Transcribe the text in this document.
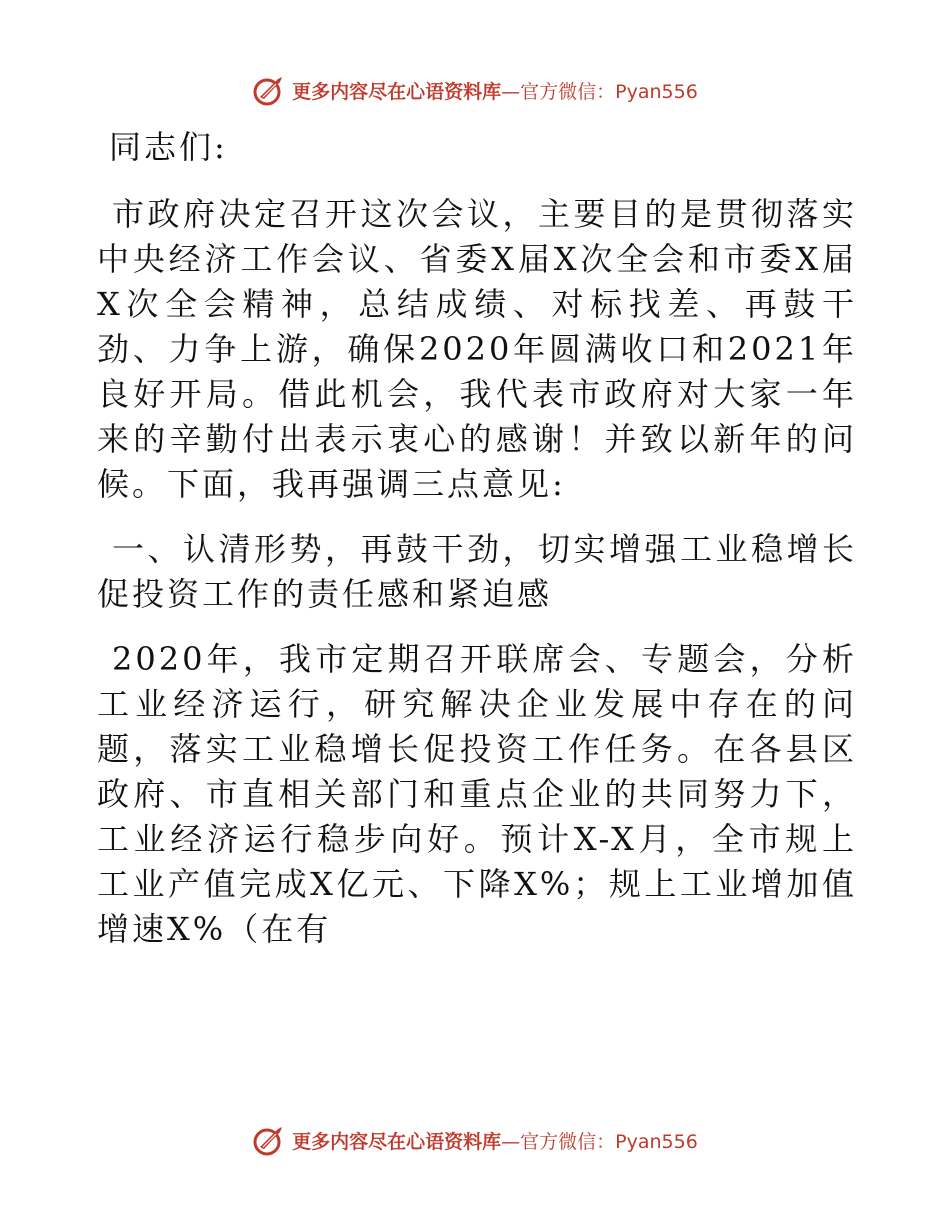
更多内容尽在心语资料库—官方微信：Pyan556

同志们:

市政府决定召开这次会议，主要目的是贯彻落实中央经济工作会议、省委X届X次全会和市委X届X次全会精神，总结成绩、对标找差、再鼓干劲、力争上游，确保2020年圆满收口和2021年良好开局。借此机会，我代表市政府对大家一年来的辛勤付出表示衷心的感谢！并致以新年的问候。下面，我再强调三点意见:

一、认清形势，再鼓干劲，切实增强工业稳增长促投资工作的责任感和紧迫感

2020年，我市定期召开联席会、专题会，分析工业经济运行，研究解决企业发展中存在的问题，落实工业稳增长促投资工作任务。在各县区政府、市直相关部门和重点企业的共同努力下，工业经济运行稳步向好。预计X-X月，全市规上工业产值完成X亿元、下降X%；规上工业增加值增速X%（在有

更多内容尽在心语资料库—官方微信：Pyan556
